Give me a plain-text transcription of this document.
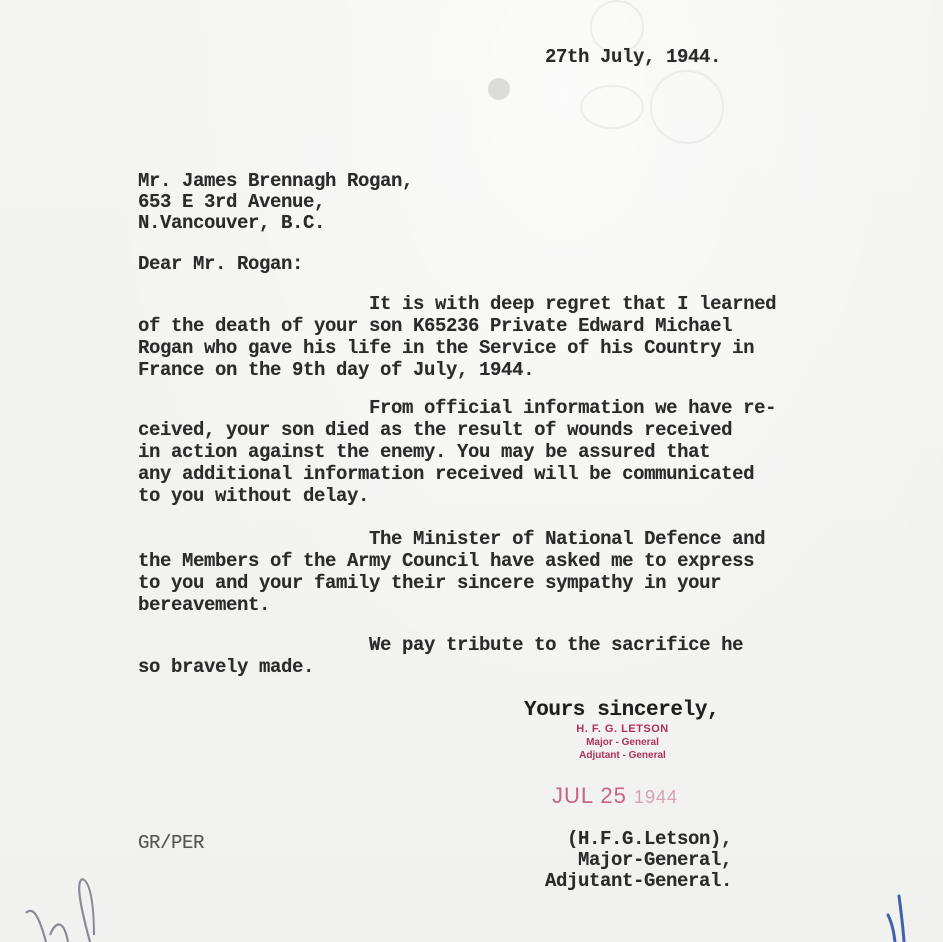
27th July, 1944.
Mr. James Brennagh Rogan,
653 E 3rd Avenue,
N.Vancouver, B.C.
Dear Mr. Rogan:
It is with deep regret that I learned
of the death of your son K65236 Private Edward Michael
Rogan who gave his life in the Service of his Country in
France on the 9th day of July, 1944.
From official information we have re-
ceived, your son died as the result of wounds received
in action against the enemy. You may be assured that
any additional information received will be communicated
to you without delay.
The Minister of National Defence and
the Members of the Army Council have asked me to express
to you and your family their sincere sympathy in your
bereavement.
We pay tribute to the sacrifice he
so bravely made.
Yours sincerely,
H. F. G. LETSON
Major - General
Adjutant - General
JUL 25 1944
GR/PER	(H.F.G.Letson),
Major-General,
Adjutant-General.
